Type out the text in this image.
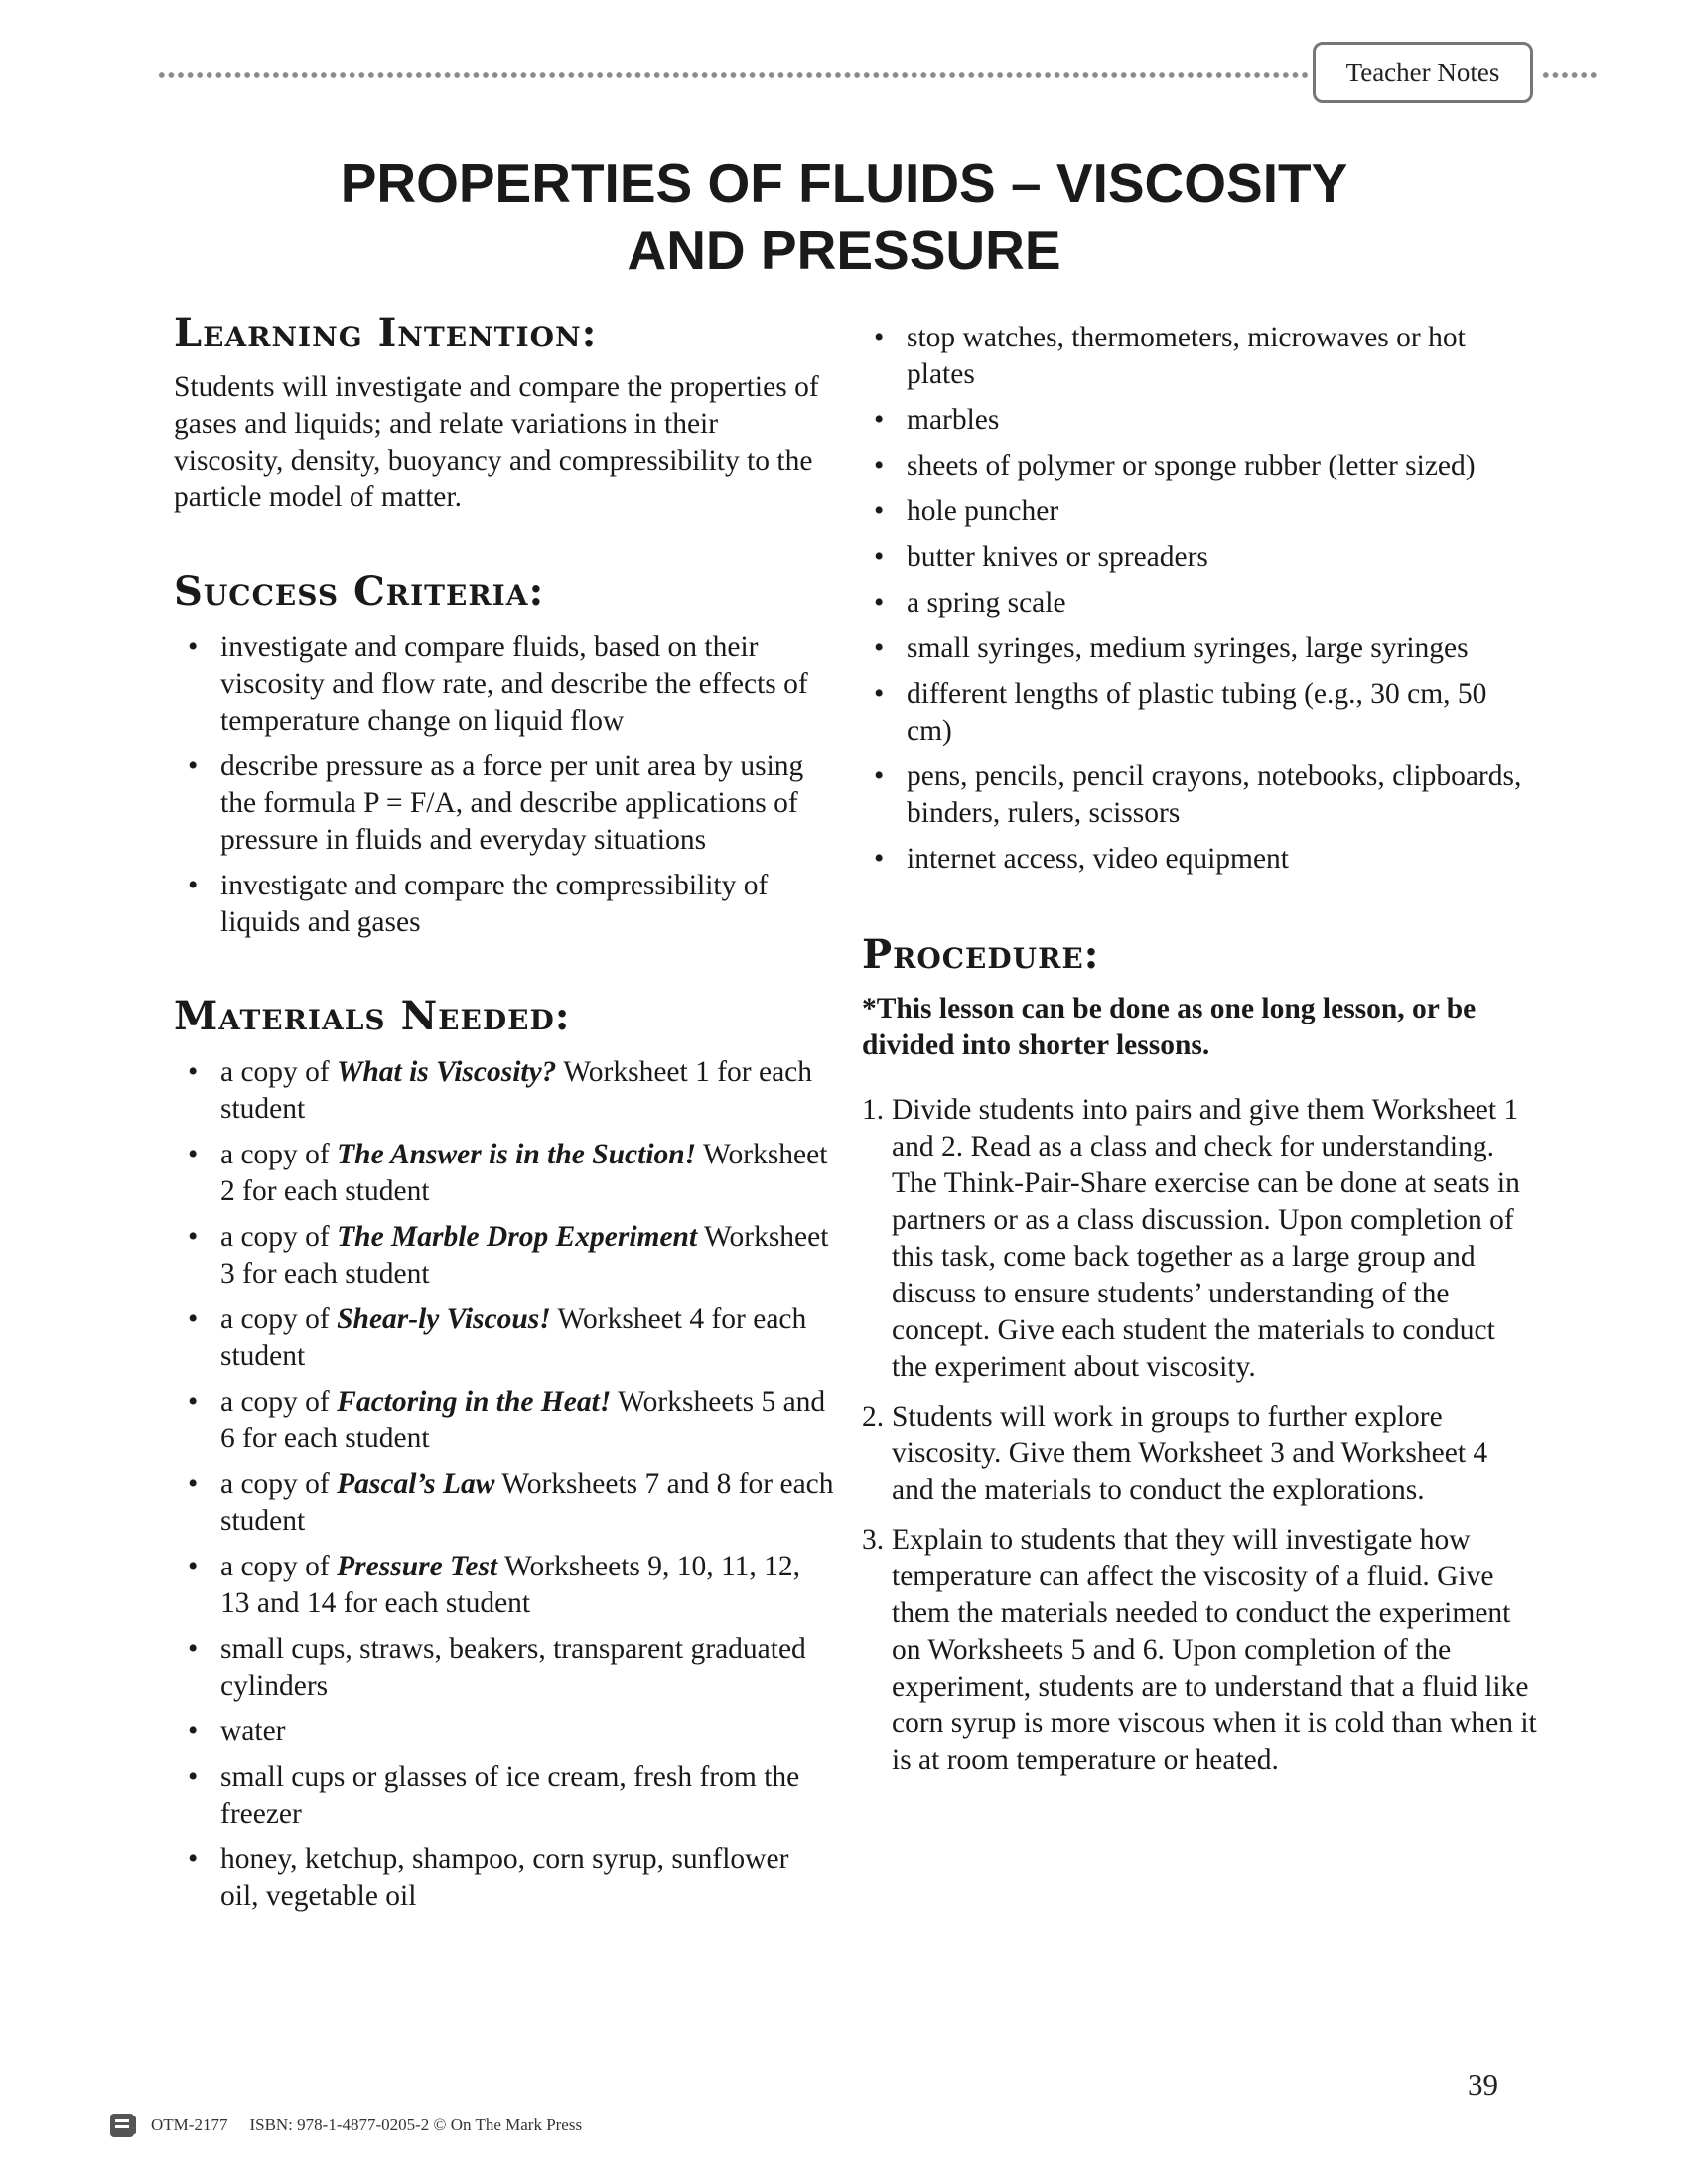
Teacher Notes
PROPERTIES OF FLUIDS – VISCOSITY
AND PRESSURE
Learning Intention:

Students will investigate and compare the properties of gases and liquids; and relate variations in their viscosity, density, buoyancy and compressibility to the particle model of matter.

Success Criteria:
• investigate and compare fluids, based on their viscosity and flow rate, and describe the effects of temperature change on liquid flow
• describe pressure as a force per unit area by using the formula P = F/A, and describe applications of pressure in fluids and everyday situations
• investigate and compare the compressibility of liquids and gases
Materials Needed:
• a copy of What is Viscosity? Worksheet 1 for each student
• a copy of The Answer is in the Suction! Worksheet 2 for each student
• a copy of The Marble Drop Experiment Worksheet 3 for each student
• a copy of Shear-ly Viscous! Worksheet 4 for each student
• a copy of Factoring in the Heat! Worksheets 5 and 6 for each student
• a copy of Pascal’s Law Worksheets 7 and 8 for each student
• a copy of Pressure Test Worksheets 9, 10, 11, 12, 13 and 14 for each student
• small cups, straws, beakers, transparent graduated cylinders
• water
• small cups or glasses of ice cream, fresh from the freezer
• honey, ketchup, shampoo, corn syrup, sunflower oil, vegetable oil
• stop watches, thermometers, microwaves or hot plates
• marbles
• sheets of polymer or sponge rubber (letter sized)
• hole puncher
• butter knives or spreaders
• a spring scale
• small syringes, medium syringes, large syringes
• different lengths of plastic tubing (e.g., 30 cm, 50 cm)
• pens, pencils, pencil crayons, notebooks, clipboards, binders, rulers, scissors
• internet access, video equipment
Procedure:

*This lesson can be done as one long lesson, or be divided into shorter lessons.

1. Divide students into pairs and give them Worksheet 1 and 2. Read as a class and check for understanding. The Think-Pair-Share exercise can be done at seats in partners or as a class discussion. Upon completion of this task, come back together as a large group and discuss to ensure students’ understanding of the concept. Give each student the materials to conduct the experiment about viscosity.
2. Students will work in groups to further explore viscosity. Give them Worksheet 3 and Worksheet 4 and the materials to conduct the explorations.
3. Explain to students that they will investigate how temperature can affect the viscosity of a fluid. Give them the materials needed to conduct the experiment on Worksheets 5 and 6. Upon completion of the experiment, students are to understand that a fluid like corn syrup is more viscous when it is cold than when it is at room temperature or heated.
39
OTM-2177 ISBN: 978-1-4877-0205-2 © On The Mark Press
